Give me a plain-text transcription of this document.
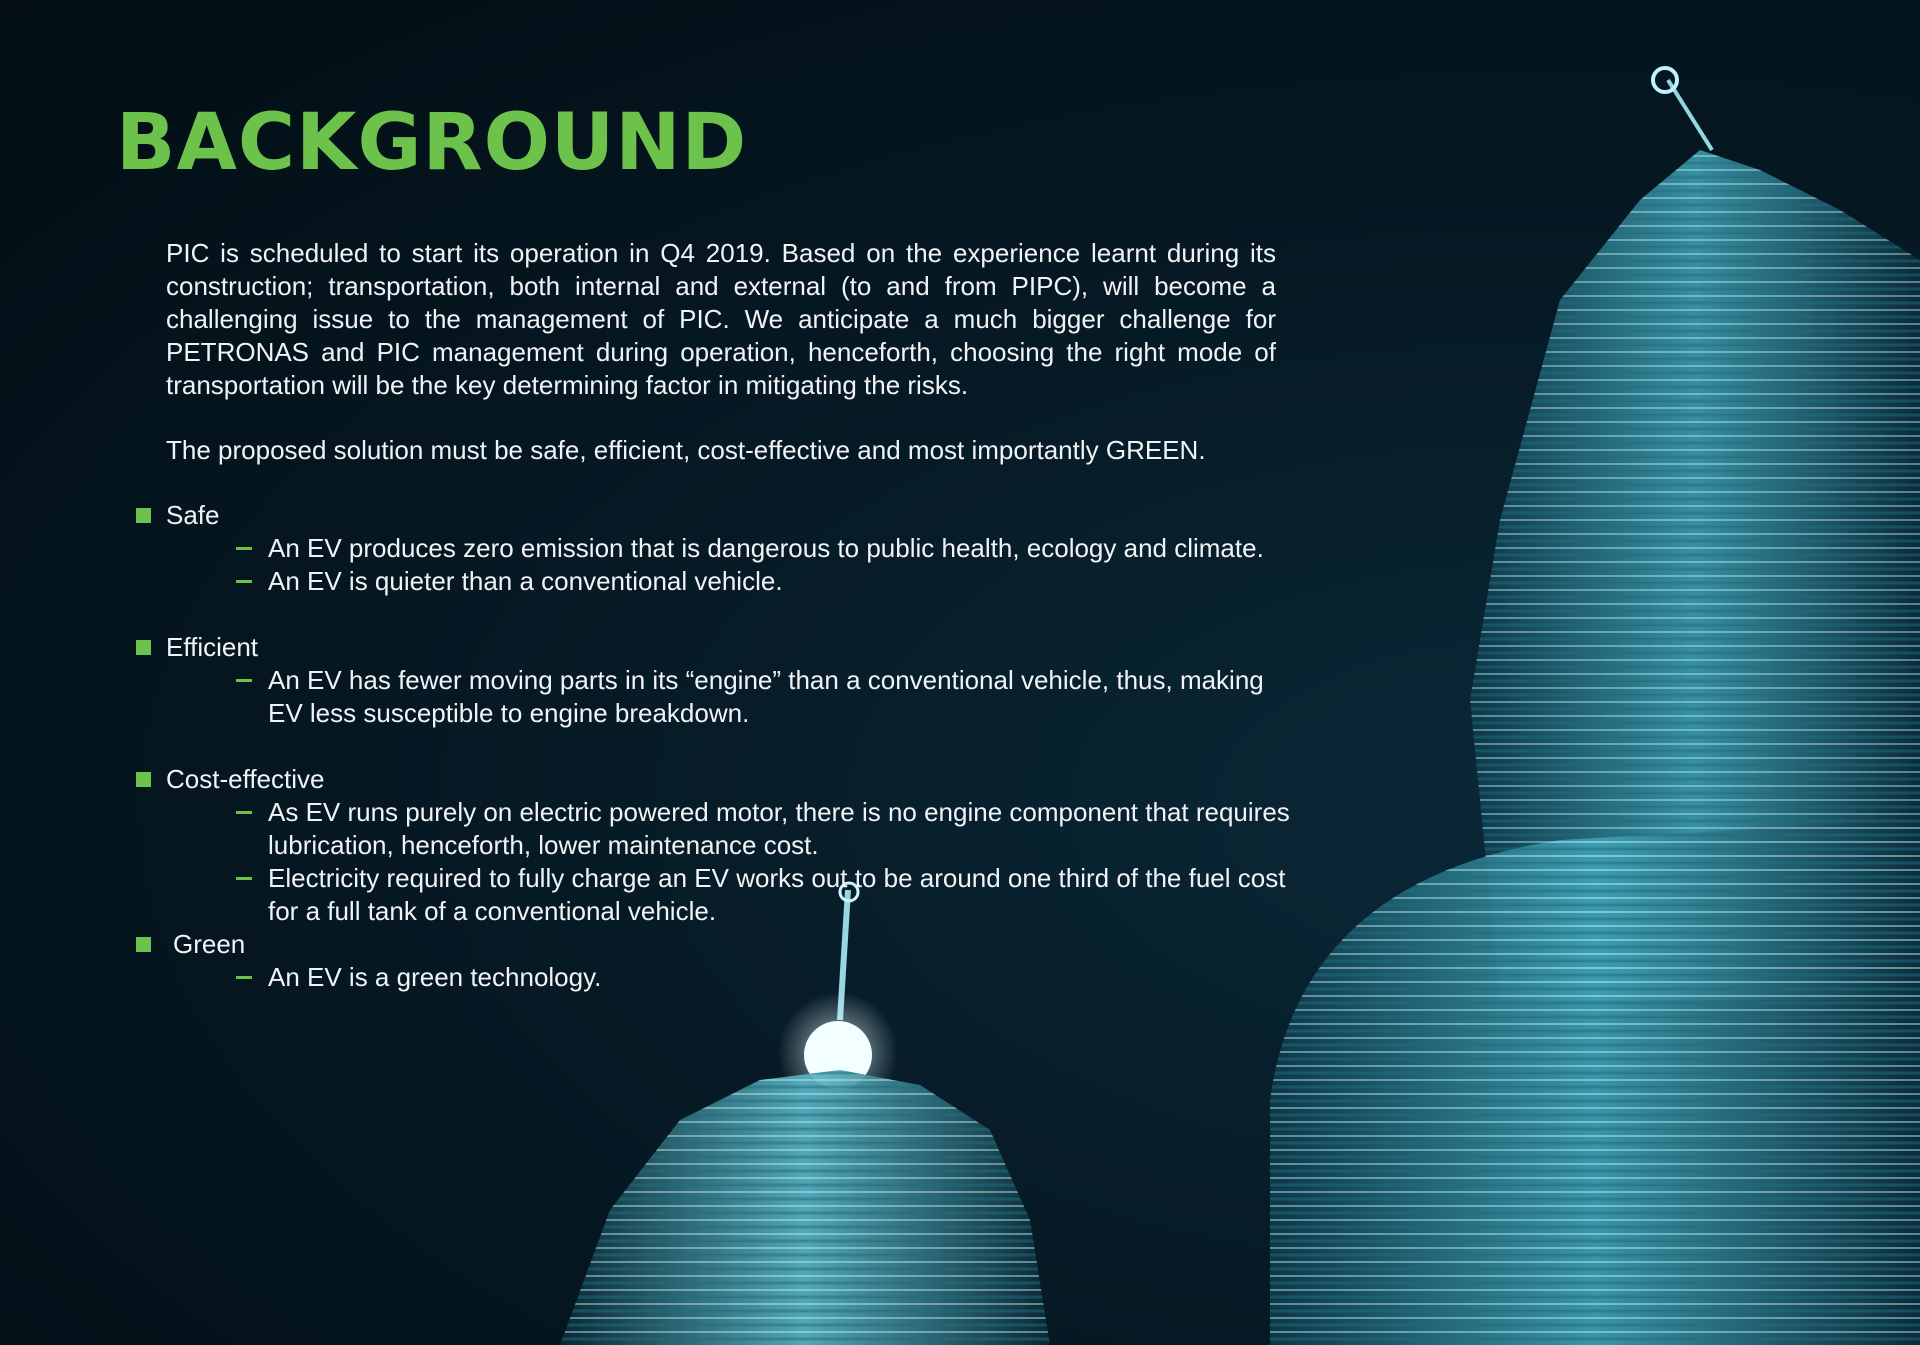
BACKGROUND

PIC is scheduled to start its operation in Q4 2019. Based on the experience learnt during its construction; transportation, both internal and external (to and from PIPC), will become a challenging issue to the management of PIC. We anticipate a much bigger challenge for PETRONAS and PIC management during operation, henceforth, choosing the right mode of transportation will be the key determining factor in mitigating the risks.

The proposed solution must be safe, efficient, cost-effective and most importantly GREEN.

Safe
An EV produces zero emission that is dangerous to public health, ecology and climate.
An EV is quieter than a conventional vehicle.
Efficient
An EV has fewer moving parts in its “engine” than a conventional vehicle, thus, making EV less susceptible to engine breakdown.
Cost-effective
As EV runs purely on electric powered motor, there is no engine component that requires lubrication, henceforth, lower maintenance cost.
Electricity required to fully charge an EV works out to be around one third of the fuel cost for a full tank of a conventional vehicle.
Green
An EV is a green technology.
